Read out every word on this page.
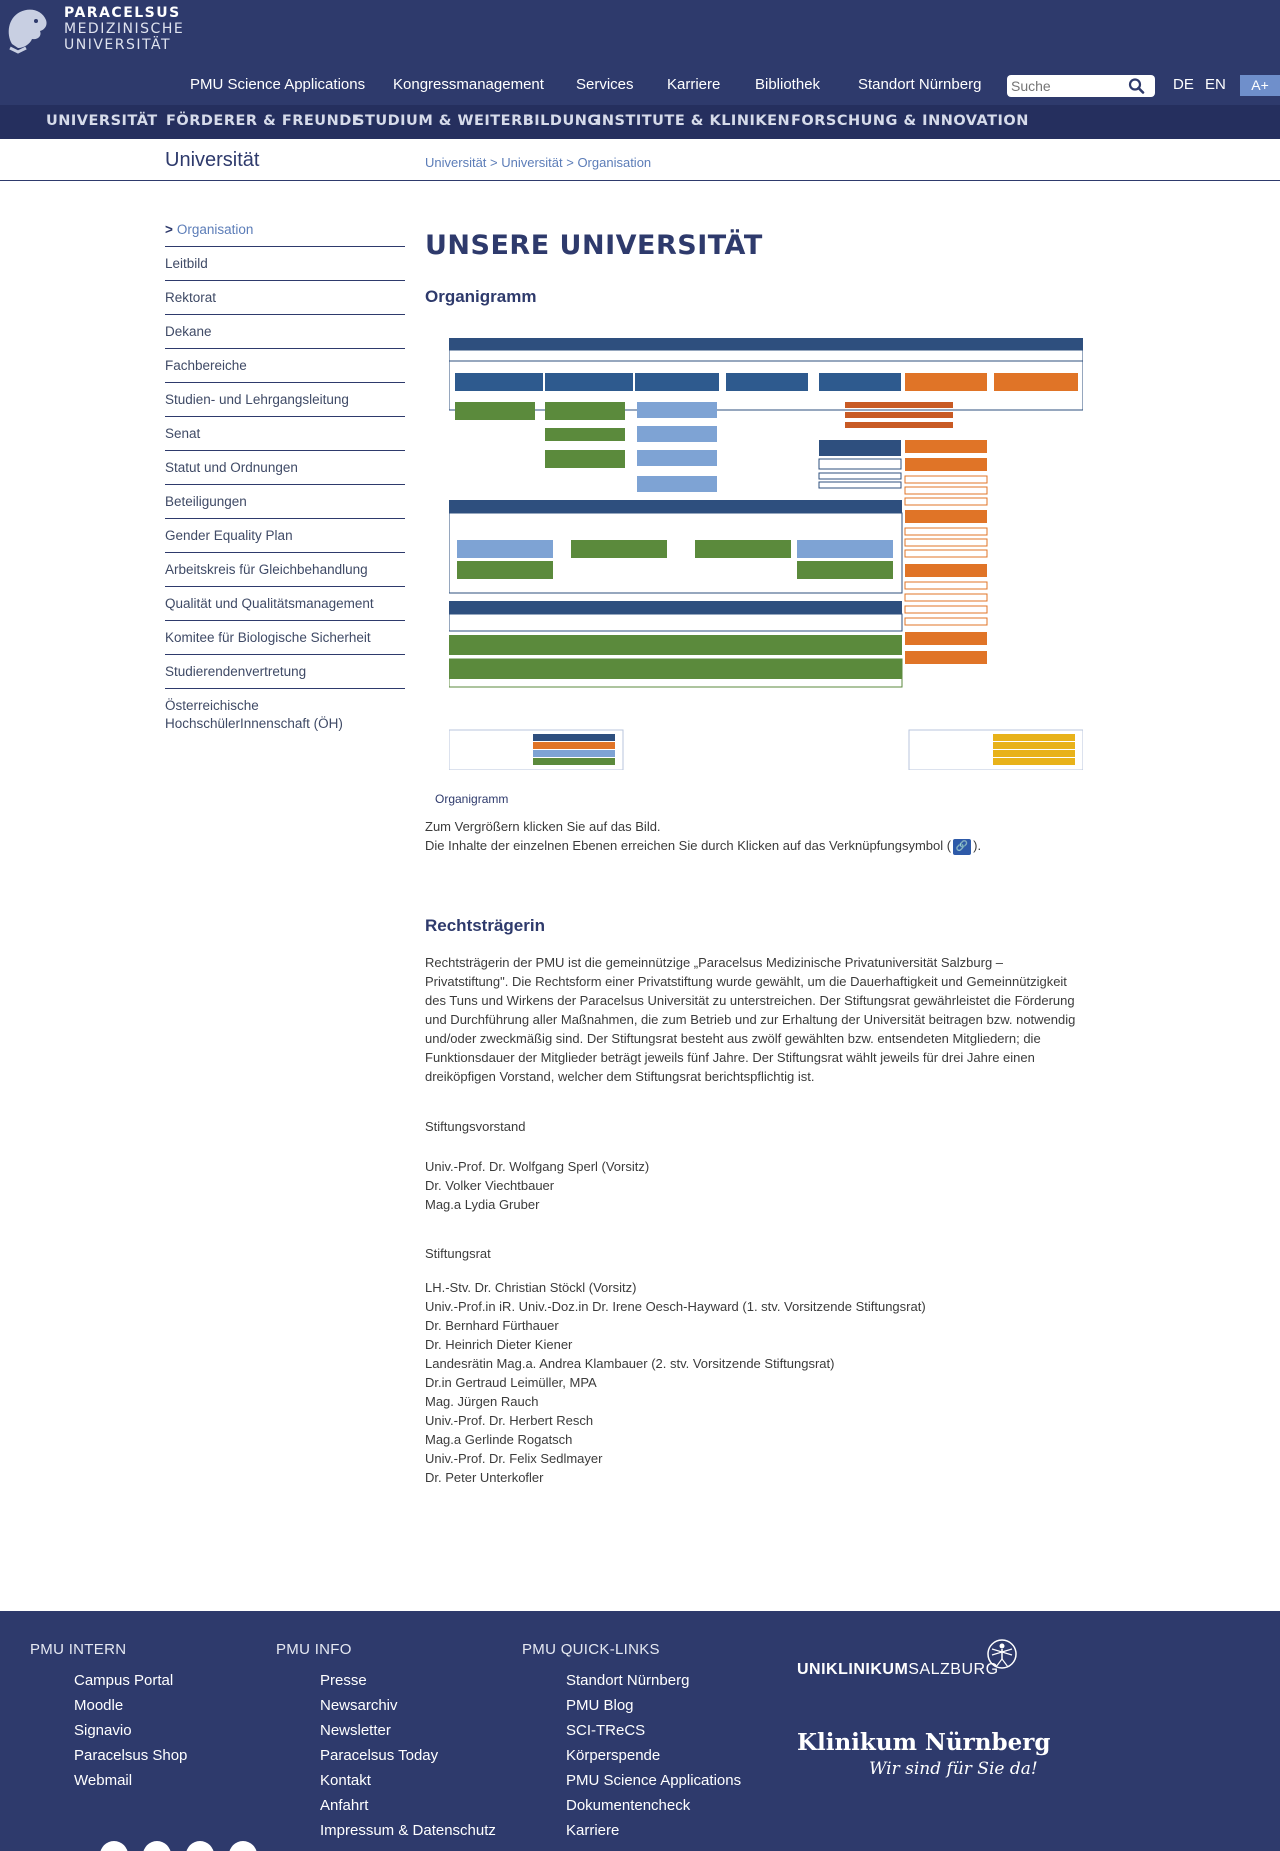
PARACELSUS
MEDIZINISCHE
UNIVERSITÄT
PMU Science Applications Kongressmanagement Services Karriere Bibliothek	Standort Nürnberg
Suche	DE EN	A+
UNIVERSITÄT FÖRDERER & FREUNDE
STUDIUM & WEITERBILDUNG
INSTITUTE & KLINIKEN FORSCHUNG & INNOVATION
Universität	Universität > Universität > Organisation
> Organisation
Leitbild
Rektorat
Dekane
Fachbereiche
Studien- und Lehrgangsleitung
Senat
Statut und Ordnungen
Beteiligungen
Gender Equality Plan
Arbeitskreis für Gleichbehandlung
Qualität und Qualitätsmanagement
Komitee für Biologische Sicherheit
Studierendenvertretung
Österreichische HochschülerInnenschaft (ÖH)
UNSERE UNIVERSITÄT
Organigramm
Organigramm
Zum Vergrößern klicken Sie auf das Bild.
Die Inhalte der einzelnen Ebenen erreichen Sie durch Klicken auf das Verknüpfungsymbol ( 🔗 ).
Rechtsträgerin

Rechtsträgerin der PMU ist die gemeinnützige „Paracelsus Medizinische Privatuniversität Salzburg – Privatstiftung". Die Rechtsform einer Privatstiftung wurde gewählt, um die Dauerhaftigkeit und Gemeinnützigkeit des Tuns und Wirkens der Paracelsus Universität zu unterstreichen. Der Stiftungsrat gewährleistet die Förderung und Durchführung aller Maßnahmen, die zum Betrieb und zur Erhaltung der Universität beitragen bzw. notwendig und/oder zweckmäßig sind. Der Stiftungsrat besteht aus zwölf gewählten bzw. entsendeten Mitgliedern; die Funktionsdauer der Mitglieder beträgt jeweils fünf Jahre. Der Stiftungsrat wählt jeweils für drei Jahre einen dreiköpfigen Vorstand, welcher dem Stiftungsrat berichtspflichtig ist.

Stiftungsvorstand
Univ.-Prof. Dr. Wolfgang Sperl (Vorsitz)
Dr. Volker Viechtbauer
Mag.a Lydia Gruber
Stiftungsrat
LH.-Stv. Dr. Christian Stöckl (Vorsitz)
Univ.-Prof.in iR. Univ.-Doz.in Dr. Irene Oesch-Hayward (1. stv. Vorsitzende Stiftungsrat)
Dr. Bernhard Fürthauer
Dr. Heinrich Dieter Kiener
Landesrätin Mag.a. Andrea Klambauer (2. stv. Vorsitzende Stiftungsrat)
Dr.in Gertraud Leimüller, MPA
Mag. Jürgen Rauch
Univ.-Prof. Dr. Herbert Resch
Mag.a Gerlinde Rogatsch
Univ.-Prof. Dr. Felix Sedlmayer
Dr. Peter Unterkofler
PMU INTERN
Campus Portal
Moodle
Signavio
Paracelsus Shop
Webmail
PMU INFO
Presse
Newsarchiv
Newsletter
Paracelsus Today
Kontakt
Anfahrt
Impressum & Datenschutz
PMU QUICK-LINKS
Standort Nürnberg
PMU Blog
SCI-TReCS
Körperspende
PMU Science Applications
Dokumentencheck
Karriere
UNIKLINIKUMSALZBURG
Klinikum Nürnberg
Wir sind für Sie da!
